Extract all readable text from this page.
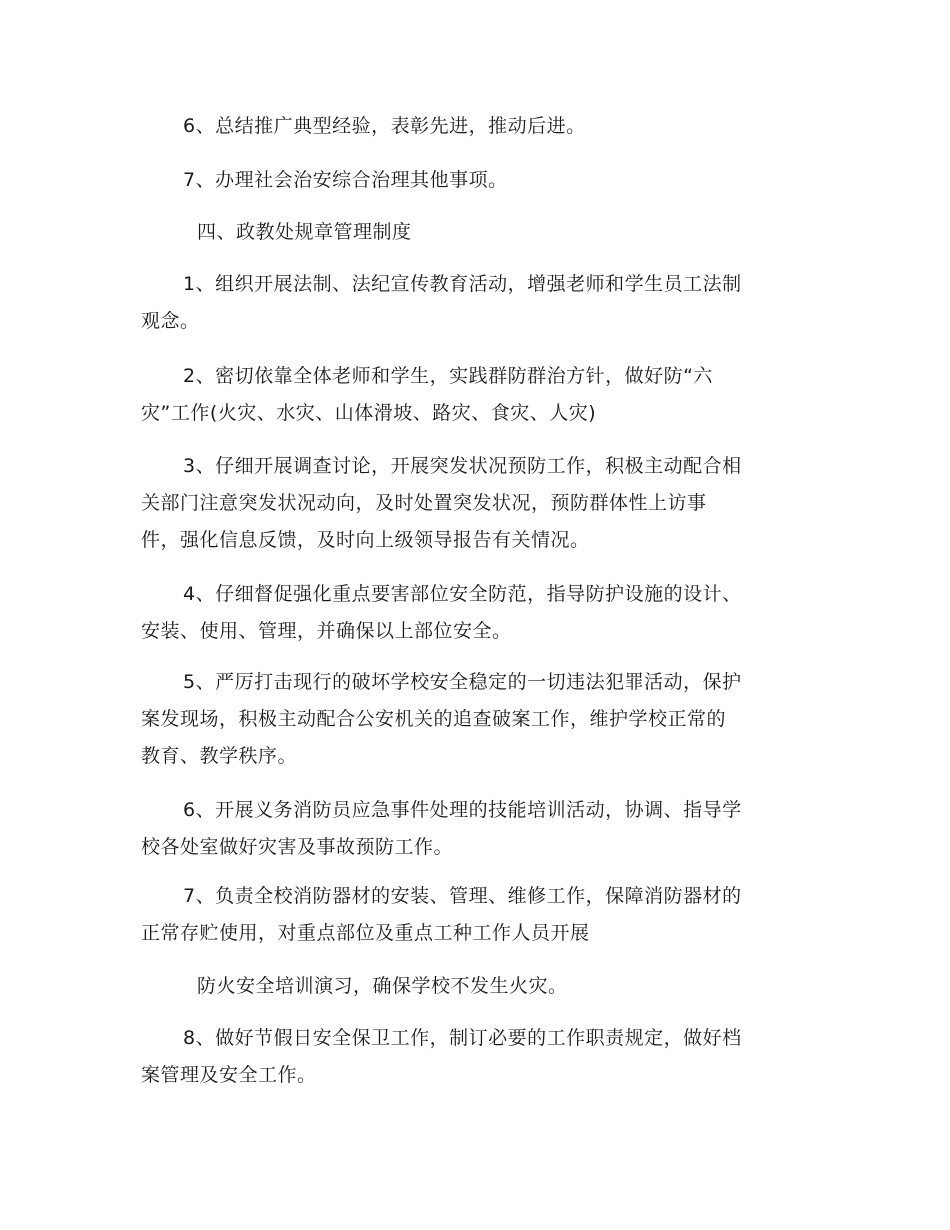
6、总结推广典型经验，表彰先进，推动后进。

7、办理社会治安综合治理其他事项。

四、政教处规章管理制度

1、组织开展法制、法纪宣传教育活动，增强老师和学生员工法制
观念。

2、密切依靠全体老师和学生，实践群防群治方针，做好防“六
灾”工作(火灾、水灾、山体滑坡、路灾、食灾、人灾)

3、仔细开展调查讨论，开展突发状况预防工作，积极主动配合相
关部门注意突发状况动向，及时处置突发状况，预防群体性上访事
件，强化信息反馈，及时向上级领导报告有关情况。

4、仔细督促强化重点要害部位安全防范，指导防护设施的设计、
安装、使用、管理，并确保以上部位安全。

5、严厉打击现行的破坏学校安全稳定的一切违法犯罪活动，保护
案发现场，积极主动配合公安机关的追查破案工作，维护学校正常的
教育、教学秩序。

6、开展义务消防员应急事件处理的技能培训活动，协调、指导学
校各处室做好灾害及事故预防工作。

7、负责全校消防器材的安装、管理、维修工作，保障消防器材的
正常存贮使用，对重点部位及重点工种工作人员开展

防火安全培训演习，确保学校不发生火灾。

8、做好节假日安全保卫工作，制订必要的工作职责规定，做好档
案管理及安全工作。
